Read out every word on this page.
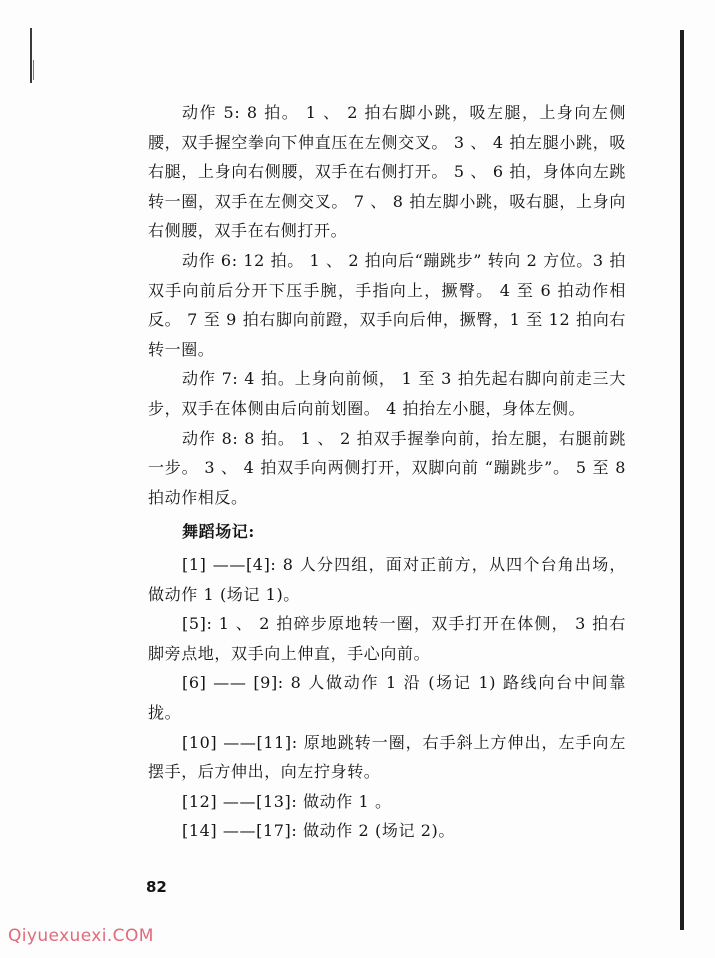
动作 5: 8 拍。 1 、 2 拍右脚小跳，吸左腿，上身向左侧腰，双手握空拳向下伸直压在左侧交叉。 3 、 4 拍左腿小跳，吸右腿，上身向右侧腰，双手在右侧打开。 5 、 6 拍，身体向左跳转一圈，双手在左侧交叉。 7 、 8 拍左脚小跳，吸右腿，上身向右侧腰，双手在右侧打开。

动作 6: 12 拍。 1 、 2 拍向后“蹦跳步” 转向 2 方位。3 拍双手向前后分开下压手腕，手指向上，撅臀。 4 至 6 拍动作相反。 7 至 9 拍右脚向前蹬，双手向后伸，撅臀，1 至 12 拍向右转一圈。

动作 7: 4 拍。上身向前倾， 1 至 3 拍先起右脚向前走三大步，双手在体侧由后向前划圈。 4 拍抬左小腿，身体左侧。

动作 8: 8 拍。 1 、 2 拍双手握拳向前，抬左腿，右腿前跳一步。 3 、 4 拍双手向两侧打开，双脚向前 “蹦跳步”。 5 至 8 拍动作相反。

舞蹈场记:

[1] ——[4]: 8 人分四组，面对正前方，从四个台角出场，做动作 1 (场记 1)。

[5]: 1 、 2 拍碎步原地转一圈，双手打开在体侧， 3 拍右脚旁点地，双手向上伸直，手心向前。

[6] —— [9]: 8 人做动作 1 沿 (场记 1) 路线向台中间靠拢。

[10] ——[11]: 原地跳转一圈，右手斜上方伸出，左手向左摆手，后方伸出，向左拧身转。

[12] ——[13]: 做动作 1 。

[14] ——[17]: 做动作 2 (场记 2)。

82
Qiyuexuexi.COM
